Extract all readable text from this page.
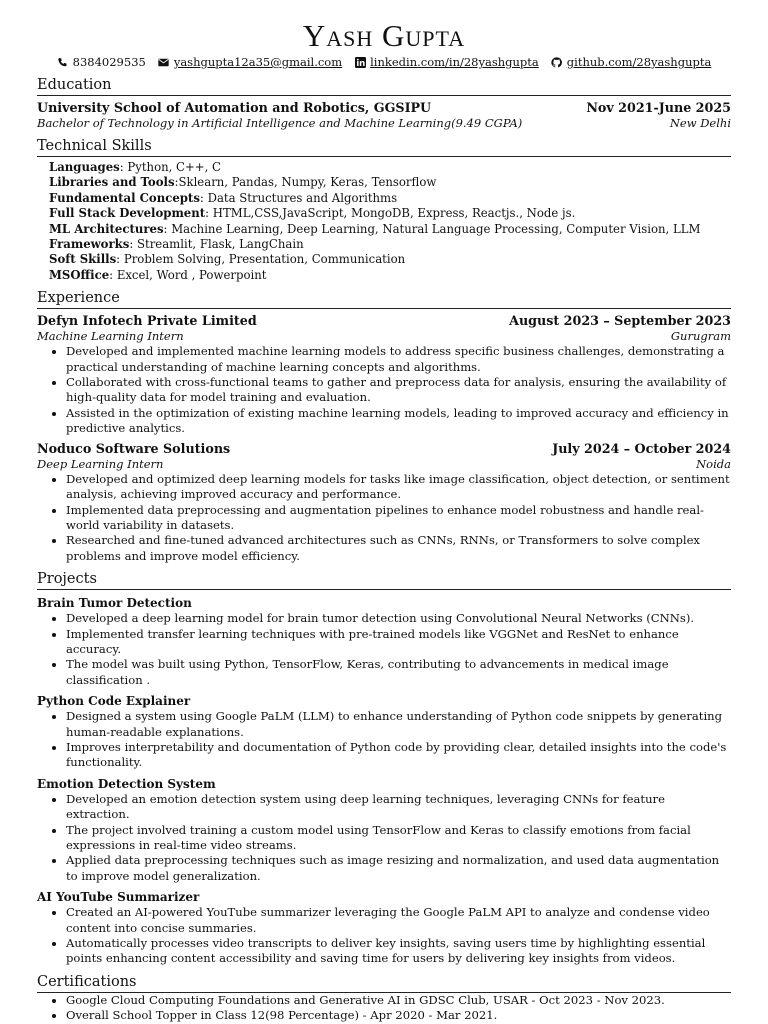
Yash Gupta
8384029535 yashgupta12a35@gmail.com linkedin.com/in/28yashgupta github.com/28yashgupta
Education
University School of Automation and Robotics, GGSIPU	Nov 2021-June 2025
Bachelor of Technology in Artificial Intelligence and Machine Learning(9.49 CGPA)	New Delhi
Technical Skills
Languages: Python, C++, C
Libraries and Tools:Sklearn, Pandas, Numpy, Keras, Tensorflow
Fundamental Concepts: Data Structures and Algorithms
Full Stack Development: HTML,CSS,JavaScript, MongoDB, Express, Reactjs., Node js.
ML Architectures: Machine Learning, Deep Learning, Natural Language Processing, Computer Vision, LLM
Frameworks: Streamlit, Flask, LangChain
Soft Skills: Problem Solving, Presentation, Communication
MSOffice: Excel, Word , Powerpoint
Experience
Defyn Infotech Private Limited	August 2023 – September 2023
Machine Learning Intern	Gurugram
• Developed and implemented machine learning models to address specific business challenges, demonstrating a practical understanding of machine learning concepts and algorithms.
• Collaborated with cross-functional teams to gather and preprocess data for analysis, ensuring the availability of high-quality data for model training and evaluation.
• Assisted in the optimization of existing machine learning models, leading to improved accuracy and efficiency in predictive analytics.
Noduco Software Solutions	July 2024 – October 2024
Deep Learning Intern	Noida
• Developed and optimized deep learning models for tasks like image classification, object detection, or sentiment analysis, achieving improved accuracy and performance.
• Implemented data preprocessing and augmentation pipelines to enhance model robustness and handle real-world variability in datasets.
• Researched and fine-tuned advanced architectures such as CNNs, RNNs, or Transformers to solve complex problems and improve model efficiency.
Projects
Brain Tumor Detection
• Developed a deep learning model for brain tumor detection using Convolutional Neural Networks (CNNs).
• Implemented transfer learning techniques with pre-trained models like VGGNet and ResNet to enhance accuracy.
• The model was built using Python, TensorFlow, Keras, contributing to advancements in medical image classification .
Python Code Explainer
• Designed a system using Google PaLM (LLM) to enhance understanding of Python code snippets by generating human-readable explanations.
• Improves interpretability and documentation of Python code by providing clear, detailed insights into the code's functionality.
Emotion Detection System
• Developed an emotion detection system using deep learning techniques, leveraging CNNs for feature extraction.
• The project involved training a custom model using TensorFlow and Keras to classify emotions from facial expressions in real-time video streams.
• Applied data preprocessing techniques such as image resizing and normalization, and used data augmentation to improve model generalization.
AI YouTube Summarizer
• Created an AI-powered YouTube summarizer leveraging the Google PaLM API to analyze and condense video content into concise summaries.
• Automatically processes video transcripts to deliver key insights, saving users time by highlighting essential points enhancing content accessibility and saving time for users by delivering key insights from videos.
Certifications
• Google Cloud Computing Foundations and Generative AI in GDSC Club, USAR - Oct 2023 - Nov 2023.
• Overall School Topper in Class 12(98 Percentage) - Apr 2020 - Mar 2021.
